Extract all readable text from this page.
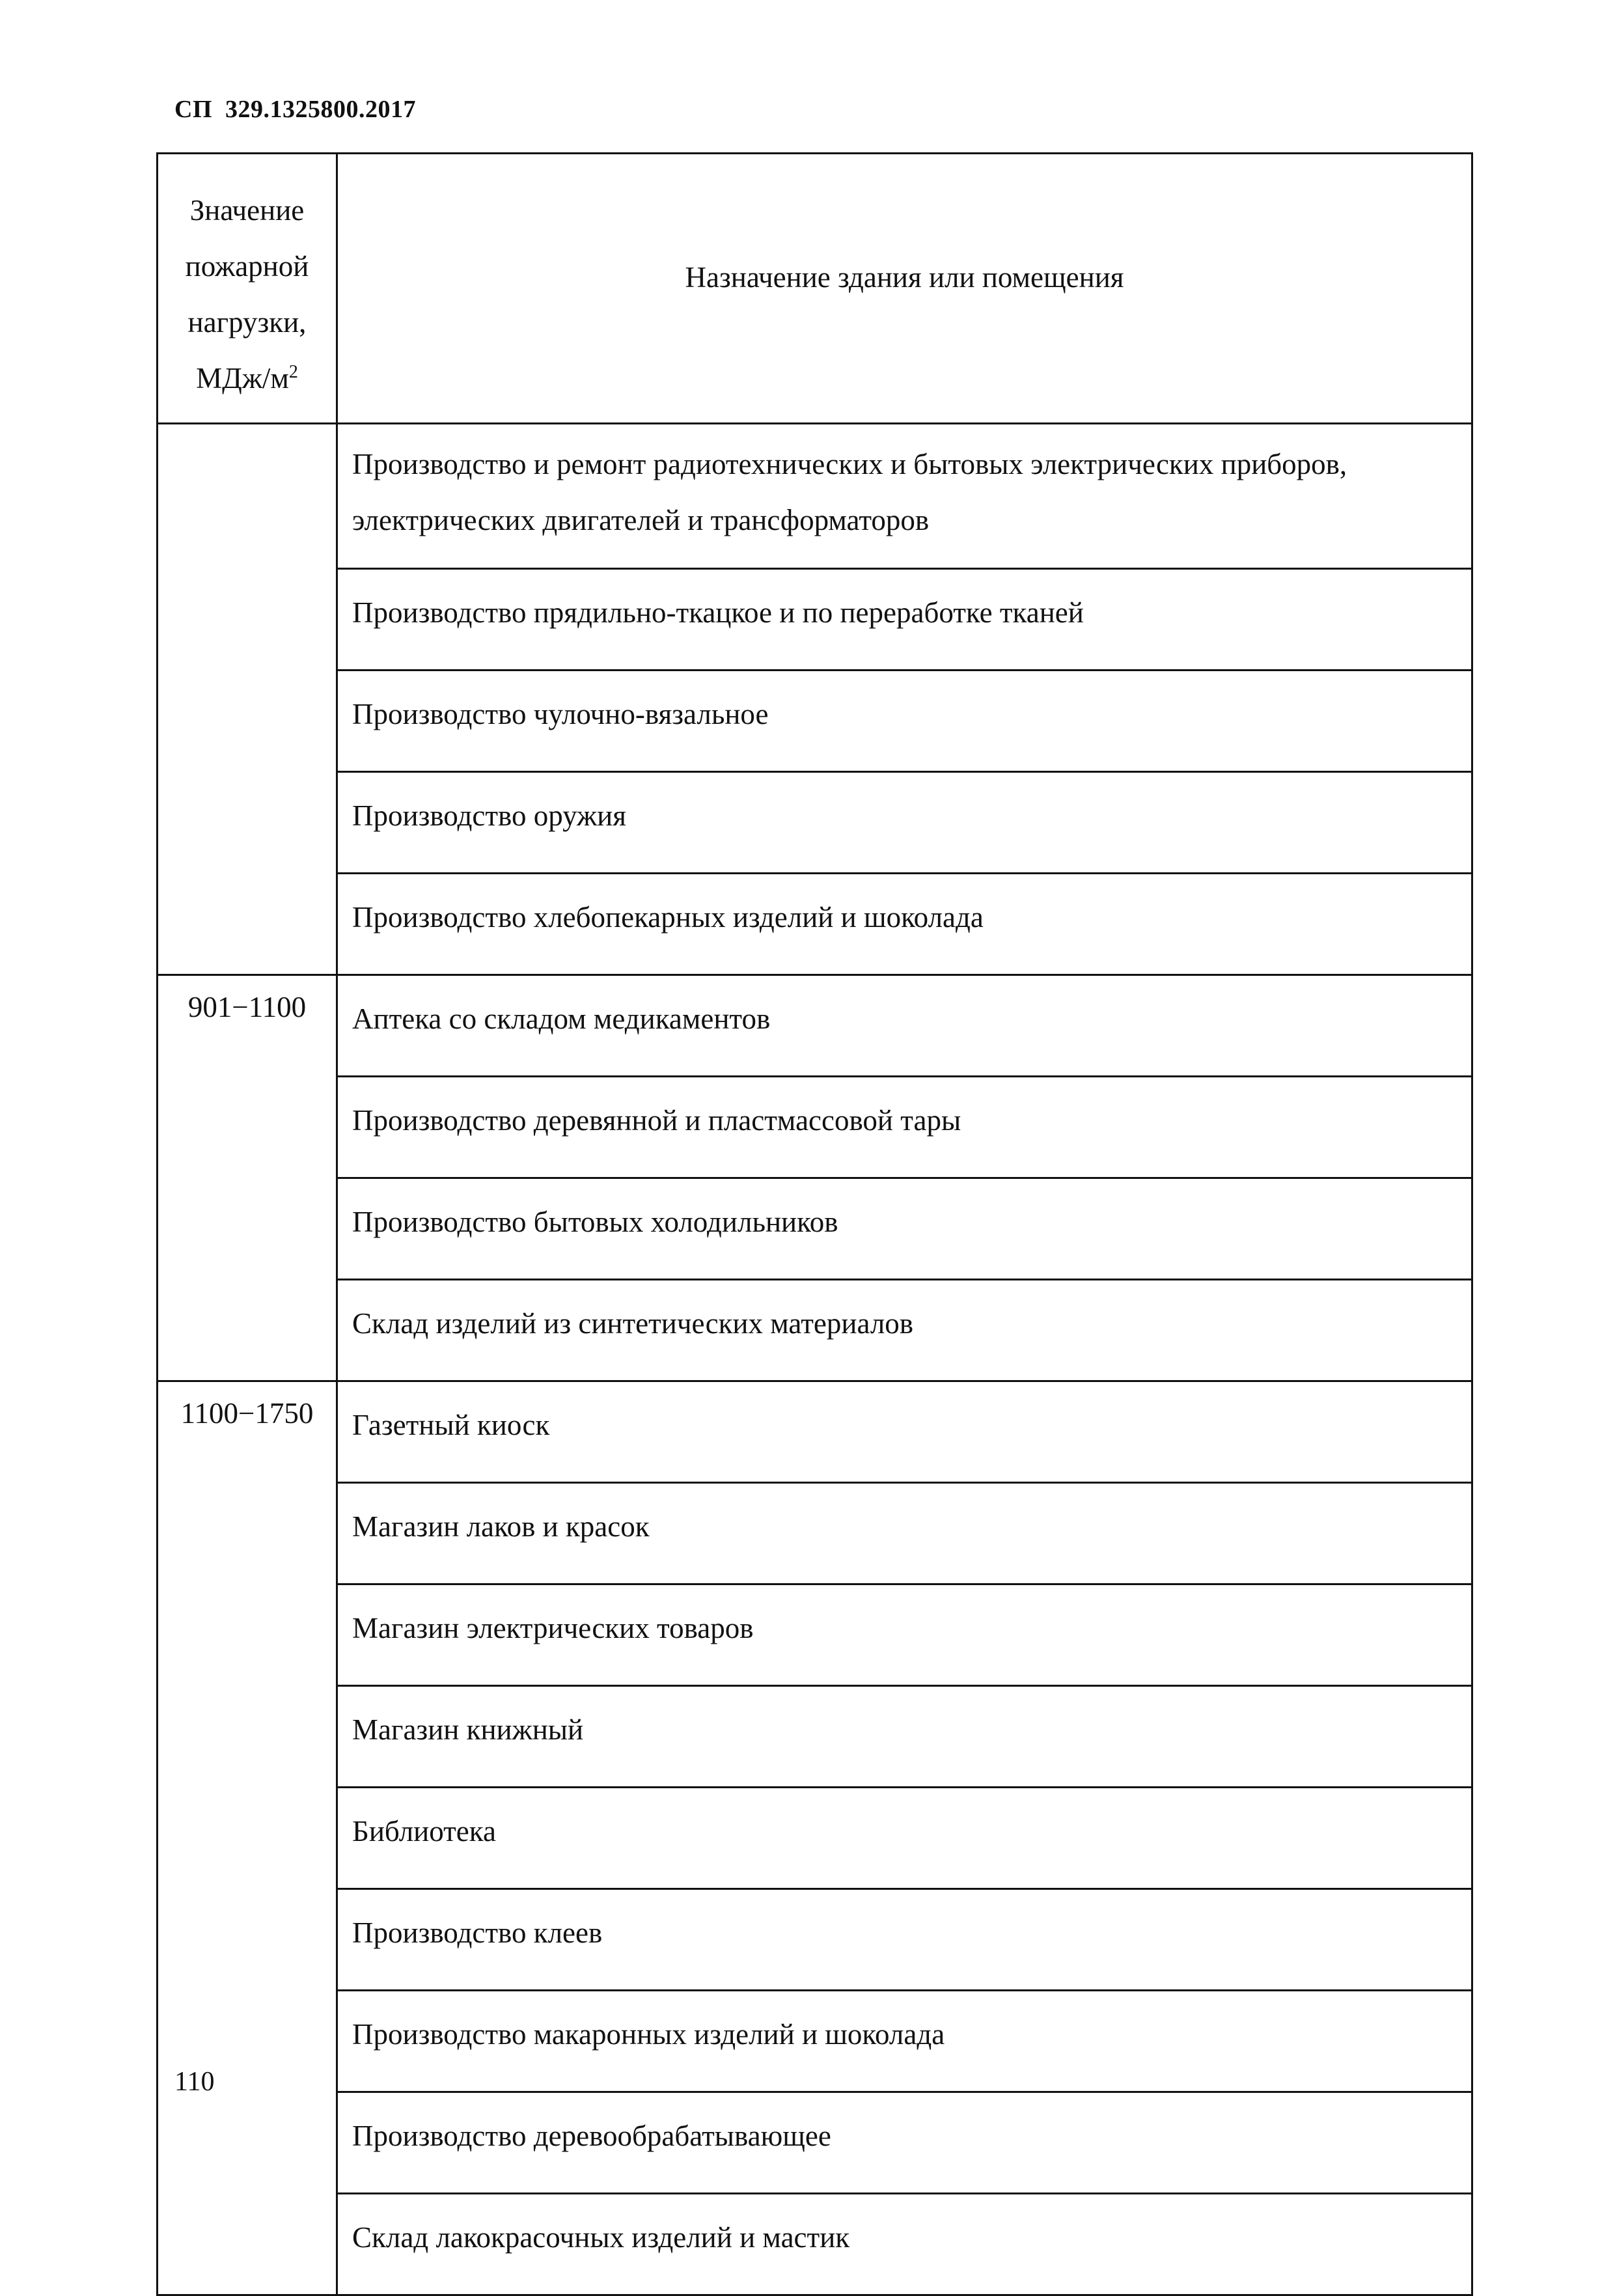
СП  329.1325800.2017
Значение
пожарной
нагрузки,
МДж/$м^2$	Назначение здания или помещения
	Производство и ремонт радиотехнических и бытовых электрических приборов, электрических двигателей и трансформаторов
	Производство прядильно-ткацкое и по переработке тканей
	Производство чулочно-вязальное
	Производство оружия
	Производство хлебопекарных изделий и шоколада
901−1100	Аптека со складом медикаментов
	Производство деревянной и пластмассовой тары
	Производство бытовых холодильников
	Склад изделий из синтетических материалов
1100−1750	Газетный киоск
	Магазин лаков и красок
	Магазин электрических товаров
	Магазин книжный
	Библиотека
	Производство клеев
	Производство макаронных изделий и шоколада
	Производство деревообрабатывающее
	Склад лакокрасочных изделий и мастик
110
